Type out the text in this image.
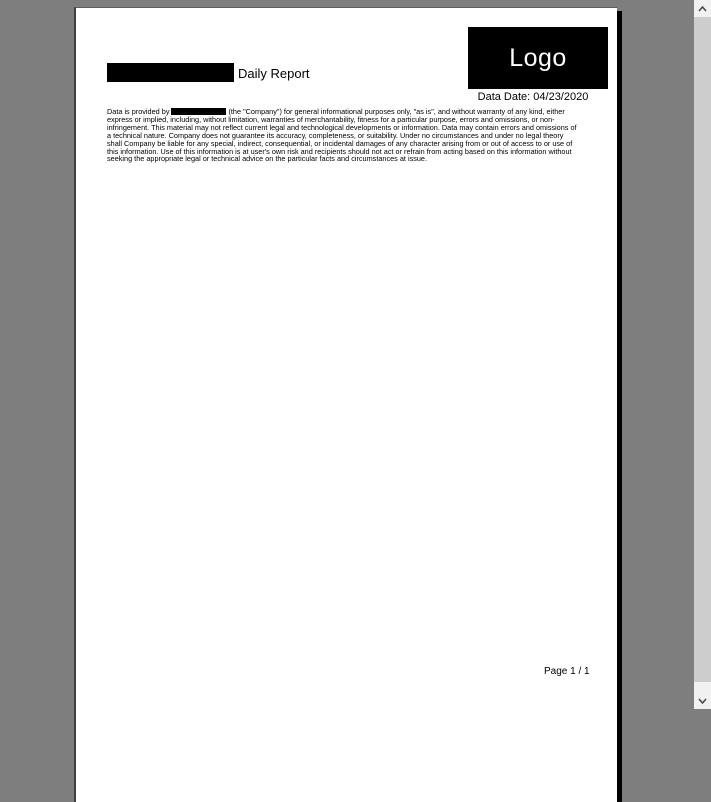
Daily Report
Logo
Data Date: 04/23/2020
Data is provided by	(the "Company") for general informational purposes only, "as is", and without warranty of any kind, either express or implied, including, without limitation, warranties of merchantability, fitness for a particular purpose, errors and omissions, or non-infringement. This material may not reflect current legal and technological developments or information. Data may contain errors and omissions of a technical nature. Company does not guarantee its accuracy, completeness, or suitability. Under no circumstances and under no legal theory shall Company be liable for any special, indirect, consequential, or incidental damages of any character arising from or out of access to or use of this information. Use of this information is at user's own risk and recipients should not act or refrain from acting based on this information without seeking the appropriate legal or technical advice on the particular facts and circumstances at issue.
Page 1 / 1
